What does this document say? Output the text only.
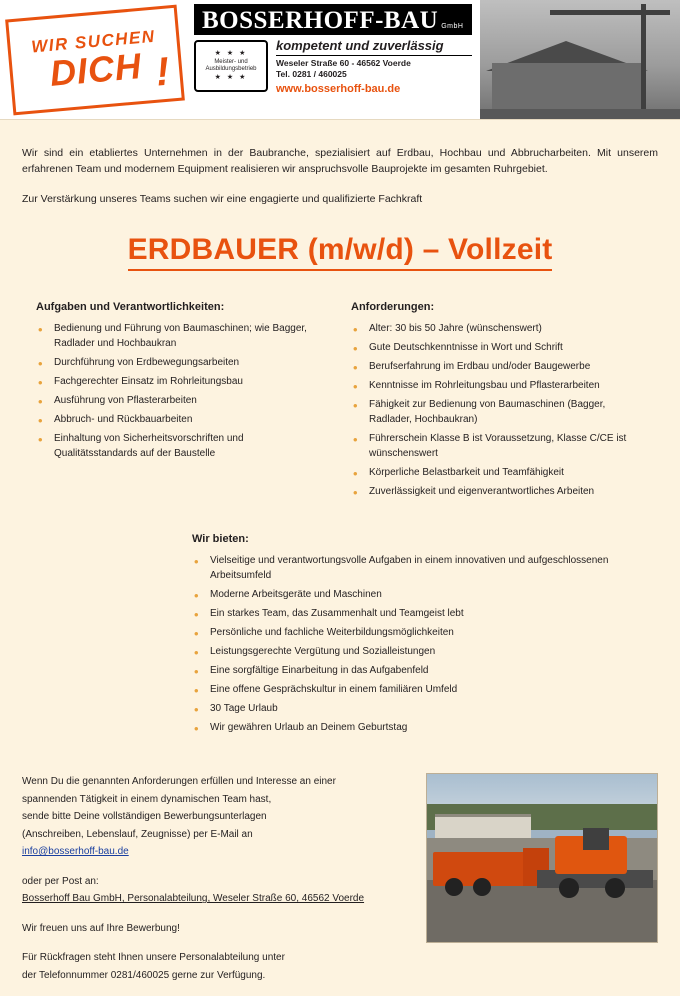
WIR SUCHEN
DICH !
BOSSERHOFF-BAU GmbH
★ ★ ★
Meister- und
Ausbildungsbetrieb
★ ★ ★
kompetent und zuverlässig
Weseler Straße 60 - 46562 Voerde
Tel. 0281 / 460025
www.bosserhoff-bau.de

Wir sind ein etabliertes Unternehmen in der Baubranche, spezialisiert auf Erdbau, Hochbau und Abbrucharbeiten. Mit unserem erfahrenen Team und modernem Equipment realisieren wir anspruchsvolle Bauprojekte im gesamten Ruhrgebiet.

Zur Verstärkung unseres Teams suchen wir eine engagierte und qualifizierte Fachkraft

ERDBAUER (m/w/d) – Vollzeit
Aufgaben und Verantwortlichkeiten:
• Bedienung und Führung von Baumaschinen; wie Bagger, Radlader und Hochbaukran
• Durchführung von Erdbewegungsarbeiten
• Fachgerechter Einsatz im Rohrleitungsbau
• Ausführung von Pflasterarbeiten
• Abbruch- und Rückbauarbeiten
• Einhaltung von Sicherheitsvorschriften und Qualitätsstandards auf der Baustelle
Anforderungen:
• Alter: 30 bis 50 Jahre (wünschenswert)
• Gute Deutschkenntnisse in Wort und Schrift
• Berufserfahrung im Erdbau und/oder Baugewerbe
• Kenntnisse im Rohrleitungsbau und Pflasterarbeiten
• Fähigkeit zur Bedienung von Baumaschinen (Bagger, Radlader, Hochbaukran)
• Führerschein Klasse B ist Voraussetzung, Klasse C/CE ist wünschenswert
• Körperliche Belastbarkeit und Teamfähigkeit
• Zuverlässigkeit und eigenverantwortliches Arbeiten
Wir bieten:
• Vielseitige und verantwortungsvolle Aufgaben in einem innovativen und aufgeschlossenen Arbeitsumfeld
• Moderne Arbeitsgeräte und Maschinen
• Ein starkes Team, das Zusammenhalt und Teamgeist lebt
• Persönliche und fachliche Weiterbildungsmöglichkeiten
• Leistungsgerechte Vergütung und Sozialleistungen
• Eine sorgfältige Einarbeitung in das Aufgabenfeld
• Eine offene Gesprächskultur in einem familiären Umfeld
• 30 Tage Urlaub
• Wir gewähren Urlaub an Deinem Geburtstag

Wenn Du die genannten Anforderungen erfüllen und Interesse an einer
spannenden Tätigkeit in einem dynamischen Team hast,
sende bitte Deine vollständigen Bewerbungsunterlagen
(Anschreiben, Lebenslauf, Zeugnisse) per E-Mail an
info@bosserhoff-bau.de

oder per Post an:
Bosserhoff Bau GmbH, Personalabteilung, Weseler Straße 60, 46562 Voerde

Wir freuen uns auf Ihre Bewerbung!

Für Rückfragen steht Ihnen unsere Personalabteilung unter
der Telefonnummer 0281/460025 gerne zur Verfügung.
